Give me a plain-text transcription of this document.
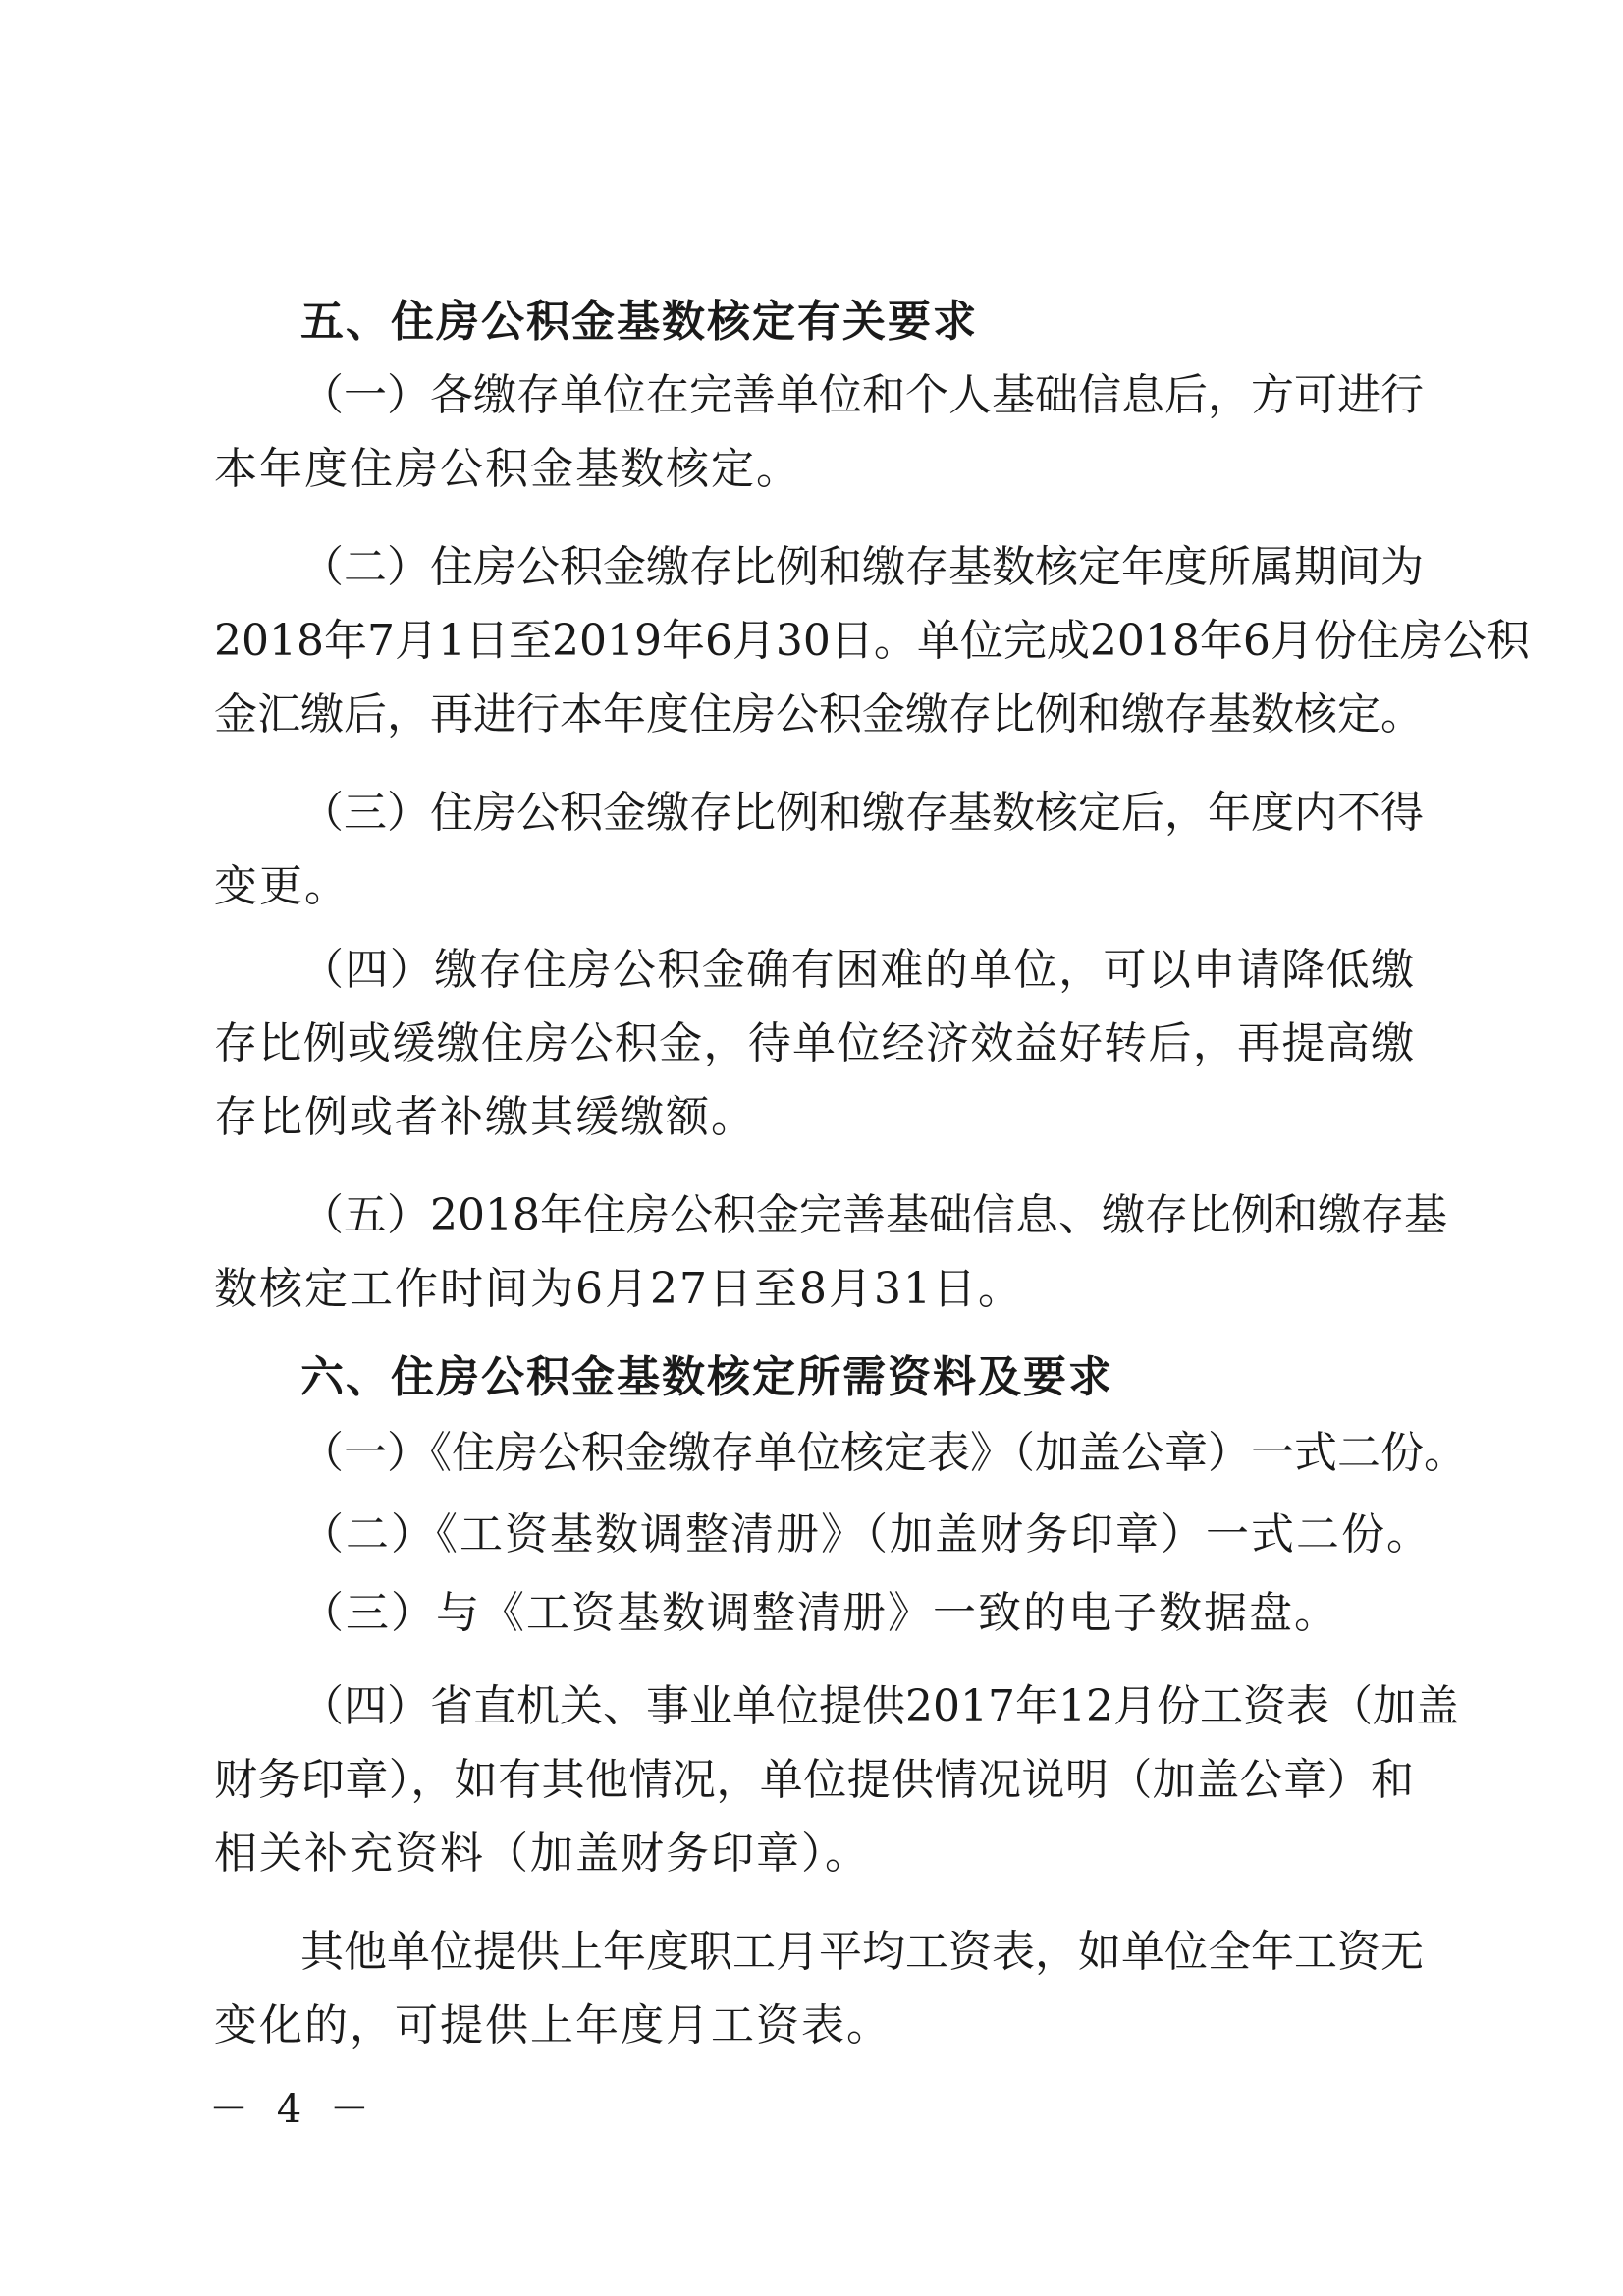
五、住房公积金基数核定有关要求
（一）各缴存单位在完善单位和个人基础信息后，方可进行
本年度住房公积金基数核定。
（二）住房公积金缴存比例和缴存基数核定年度所属期间为
2018年7月1日至2019年6月30日。单位完成2018年6月份住房公积
金汇缴后，再进行本年度住房公积金缴存比例和缴存基数核定。
（三）住房公积金缴存比例和缴存基数核定后，年度内不得
变更。
（四）缴存住房公积金确有困难的单位，可以申请降低缴
存比例或缓缴住房公积金，待单位经济效益好转后，再提高缴
存比例或者补缴其缓缴额。
（五）2018年住房公积金完善基础信息、缴存比例和缴存基
数核定工作时间为6月27日至8月31日。
六、住房公积金基数核定所需资料及要求
（一）《住房公积金缴存单位核定表》（加盖公章）一式二份。
（二）《工资基数调整清册》（加盖财务印章）一式二份。
（三）与《工资基数调整清册》一致的电子数据盘。
（四）省直机关、事业单位提供2017年12月份工资表（加盖
财务印章），如有其他情况，单位提供情况说明（加盖公章）和
相关补充资料（加盖财务印章）。
其他单位提供上年度职工月平均工资表，如单位全年工资无
变化的，可提供上年度月工资表。
－ 4 －
